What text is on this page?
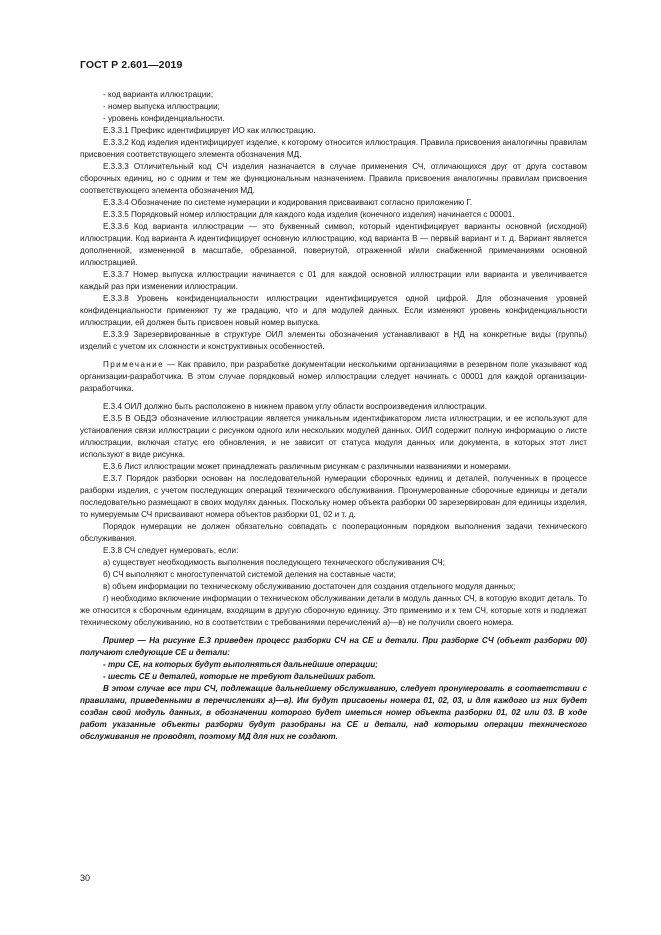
ГОСТ Р 2.601—2019

- код варианта иллюстрации;

- номер выпуска иллюстрации;

- уровень конфиденциальности.

Е.3.3.1 Префикс идентифицирует ИО как иллюстрацию.

Е.3.3.2 Код изделия идентифицирует изделие, к которому относится иллюстрация. Правила присвоения аналогичны правилам присвоения соответствующего элемента обозначения МД.

Е.3.3.3 Отличительный код СЧ изделия назначается в случае применения СЧ, отличающихся друг от друга составом сборочных единиц, но с одним и тем же функциональным назначением. Правила присвоения аналогичны правилам присвоения соответствующего элемента обозначения МД.

Е.3.3.4 Обозначение по системе нумерации и кодирования присваивают согласно приложению Г.

Е.3.3.5 Порядковый номер иллюстрации для каждого кода изделия (конечного изделия) начинается с 00001.

Е.3.3.6 Код варианта иллюстрации — это буквенный символ, который идентифицирует варианты основной (исходной) иллюстрации. Код варианта А идентифицирует основную иллюстрацию, код варианта В — первый вариант и т. д. Вариант является дополненной, измененной в масштабе, обрезанной, повернутой, отраженной и/или снабженной примечаниями основной иллюстрацией.

Е.3.3.7 Номер выпуска иллюстрации начинается с 01 для каждой основной иллюстрации или варианта и увеличивается каждый раз при изменении иллюстрации.

Е.3.3.8 Уровень конфиденциальности иллюстрации идентифицируется одной цифрой. Для обозначения уровней конфиденциальности применяют ту же градацию, что и для модулей данных. Если изменяют уровень конфиденциальности иллюстрации, ей должен быть присвоен новый номер выпуска.

Е.3.3.9 Зарезервированные в структуре ОИЛ элементы обозначения устанавливают в НД на конкретные виды (группы) изделий с учетом их сложности и конструктивных особенностей.

Примечание — Как правило, при разработке документации несколькими организациями в резервном поле указывают код организации-разработчика. В этом случае порядковый номер иллюстрации следует начинать с 00001 для каждой организации-разработчика.

Е.3.4 ОИЛ должно быть расположено в нижнем правом углу области воспроизведения иллюстрации.

Е.3.5 В ОБДЭ обозначение иллюстрации является уникальным идентификатором листа иллюстрации, и ее используют для установления связи иллюстрации с рисунком одного или нескольких модулей данных. ОИЛ содержит полную информацию о листе иллюстрации, включая статус его обновления, и не зависит от статуса модуля данных или документа, в которых этот лист используют в виде рисунка.

Е.3.6 Лист иллюстрации может принадлежать различным рисункам с различными названиями и номерами.

Е.3.7 Порядок разборки основан на последовательной нумерации сборочных единиц и деталей, полученных в процессе разборки изделия, с учетом последующих операций технического обслуживания. Пронумерованные сборочные единицы и детали последовательно размещают в своих модулях данных. Поскольку номер объекта разборки 00 зарезервирован для единицы изделия, то нумеруемым СЧ присваивают номера объектов разборки 01, 02 и т. д.

Порядок нумерации не должен обязательно совпадать с пооперационным порядком выполнения задачи технического обслуживания.

Е.3.8 СЧ следует нумеровать, если:

а) существует необходимость выполнения последующего технического обслуживания СЧ;

б) СЧ выполняют с многоступенчатой системой деления на составные части;

в) объем информации по техническому обслуживанию достаточен для создания отдельного модуля данных;

г) необходимо включение информации о техническом обслуживании детали в модуль данных СЧ, в которую входит деталь. То же относится к сборочным единицам, входящим в другую сборочную единицу. Это применимо и к тем СЧ, которые хотя и подлежат техническому обслуживанию, но в соответствии с требованиями перечислений а)—в) не получили своего номера.

Пример — На рисунке Е.3 приведен процесс разборки СЧ на СЕ и детали. При разборке СЧ (объект разборки 00) получают следующие СЕ и детали:

- три СЕ, на которых будут выполняться дальнейшие операции;

- шесть СЕ и деталей, которые не требуют дальнейших работ.

В этом случае все три СЧ, подлежащие дальнейшему обслуживанию, следует пронумеровать в соответствии с правилами, приведенными в перечислениях а)—в). Им будут присвоены номера 01, 02, 03, и для каждого из них будет создан свой модуль данных, в обозначении которого будет иметься номер объекта разборки 01, 02 или 03. В ходе работ указанные объекты разборки будут разобраны на СЕ и детали, над которыми операции технического обслуживания не проводят, поэтому МД для них не создают.

30
